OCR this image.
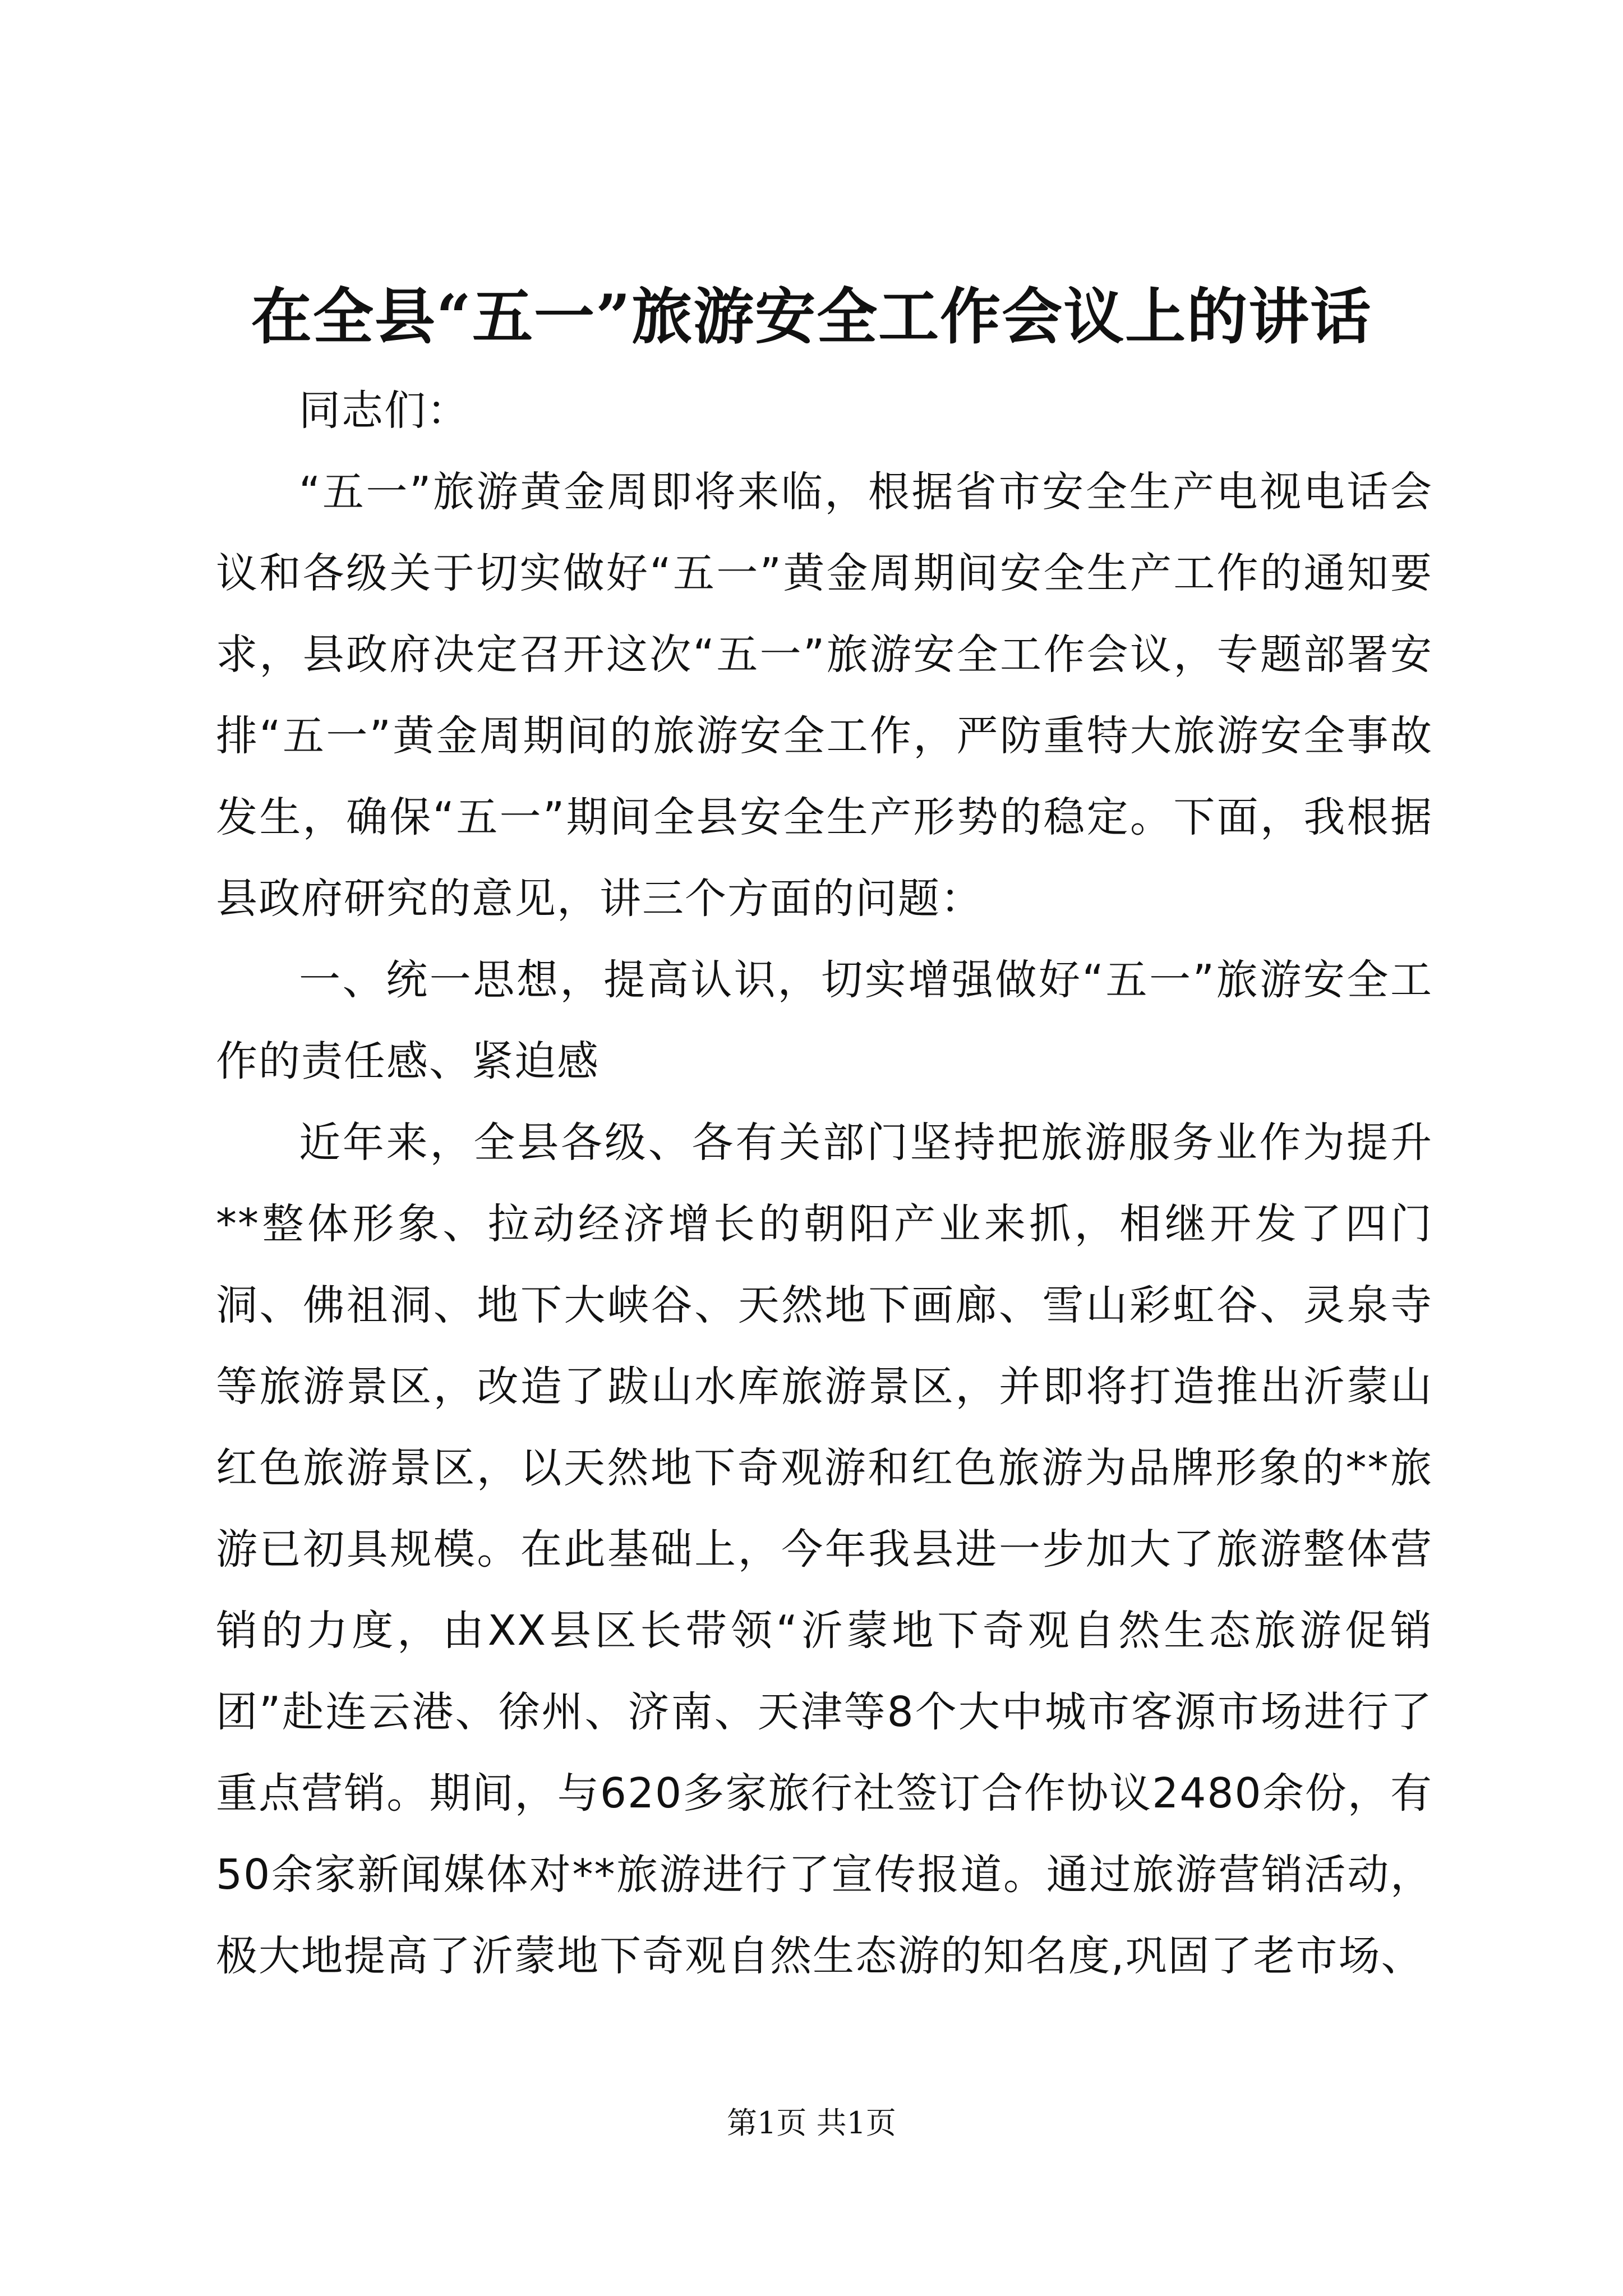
在全县“五一”旅游安全工作会议上的讲话

同志们：

“五一”旅游黄金周即将来临，根据省市安全生产电视电话会议和各级关于切实做好“五一”黄金周期间安全生产工作的通知要求，县政府决定召开这次“五一”旅游安全工作会议，专题部署安排“五一”黄金周期间的旅游安全工作，严防重特大旅游安全事故发生，确保“五一”期间全县安全生产形势的稳定。下面，我根据县政府研究的意见，讲三个方面的问题：

一、统一思想，提高认识，切实增强做好“五一”旅游安全工作的责任感、紧迫感

近年来，全县各级、各有关部门坚持把旅游服务业作为提升**整体形象、拉动经济增长的朝阳产业来抓，相继开发了四门洞、佛祖洞、地下大峡谷、天然地下画廊、雪山彩虹谷、灵泉寺等旅游景区，改造了跋山水库旅游景区，并即将打造推出沂蒙山红色旅游景区，以天然地下奇观游和红色旅游为品牌形象的**旅游已初具规模。在此基础上，今年我县进一步加大了旅游整体营销的力度，由XX县区长带领“沂蒙地下奇观自然生态旅游促销团”赴连云港、徐州、济南、天津等8个大中城市客源市场进行了重点营销。期间，与620多家旅行社签订合作协议2480余份，有50余家新闻媒体对**旅游进行了宣传报道。通过旅游营销活动，极大地提高了沂蒙地下奇观自然生态游的知名度,巩固了老市场、

第1页 共1页
